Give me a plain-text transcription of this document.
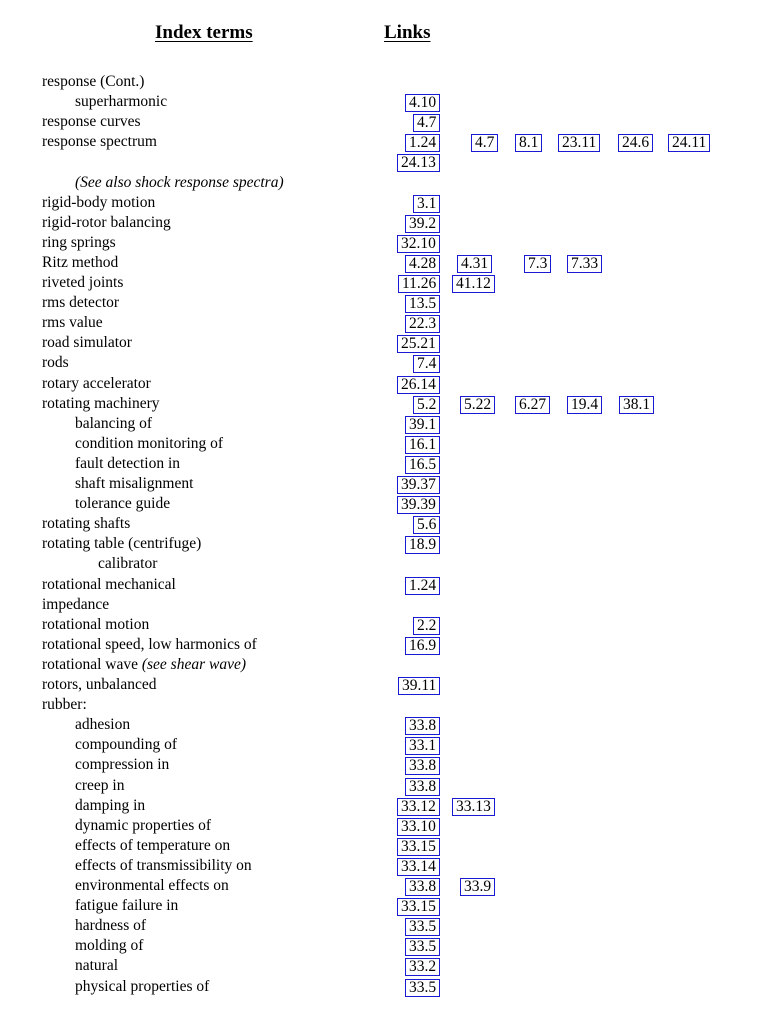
Index terms	Links
response (Cont.)
superharmonic	4.10
response curves	4.7
response spectrum	1.24	4.7 8.1 23.11 24.6 24.11
24.13
(See also shock response spectra)
rigid-body motion	3.1
rigid-rotor balancing	39.2
ring springs	32.10
Ritz method	4.28 4.31	7.3 7.33
riveted joints	11.26 41.12
rms detector	13.5
rms value	22.3
road simulator	25.21
rods	7.4
rotary accelerator	26.14
rotating machinery	5.2 5.22 6.27 19.4 38.1
balancing of	39.1
condition monitoring of	16.1
fault detection in	16.5
shaft misalignment	39.37
tolerance guide	39.39
rotating shafts	5.6
rotating table (centrifuge)	18.9
calibrator
rotational mechanical	1.24
impedance
rotational motion	2.2
rotational speed, low harmonics of	16.9
rotational wave (see shear wave)
rotors, unbalanced	39.11
rubber:
adhesion	33.8
compounding of	33.1
compression in	33.8
creep in	33.8
damping in	33.12 33.13
dynamic properties of	33.10
effects of temperature on	33.15
effects of transmissibility on	33.14
environmental effects on	33.8 33.9
fatigue failure in	33.15
hardness of	33.5
molding of	33.5
natural	33.2
physical properties of	33.5
